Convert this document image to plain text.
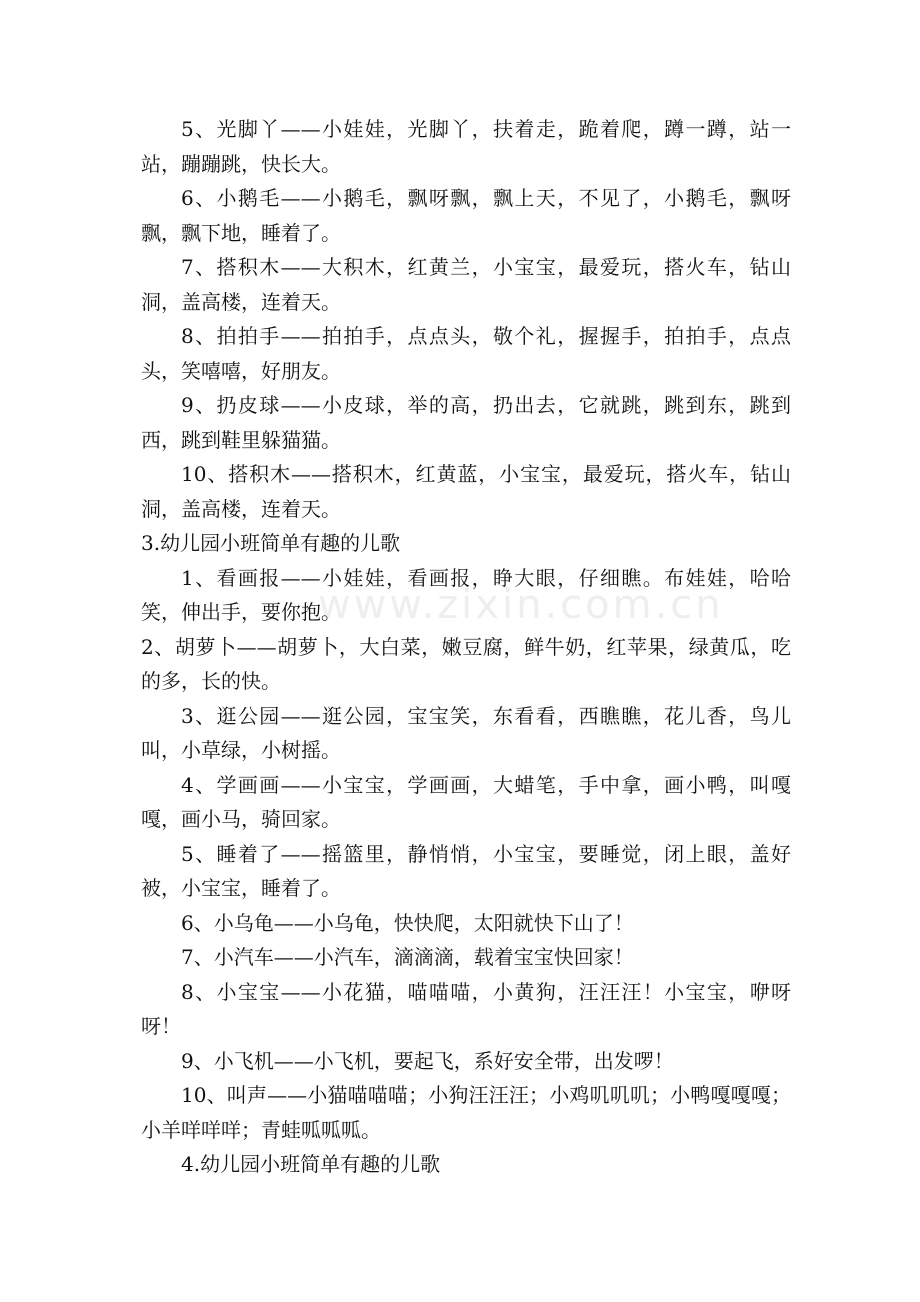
5、光脚丫——小娃娃，光脚丫，扶着走，跪着爬，蹲一蹲，站一站，蹦蹦跳，快长大。

6、小鹅毛——小鹅毛，飘呀飘，飘上天，不见了，小鹅毛，飘呀飘，飘下地，睡着了。

7、搭积木——大积木，红黄兰，小宝宝，最爱玩，搭火车，钻山洞，盖高楼，连着天。

8、拍拍手——拍拍手，点点头，敬个礼，握握手，拍拍手，点点头，笑嘻嘻，好朋友。

9、扔皮球——小皮球，举的高，扔出去，它就跳，跳到东，跳到西，跳到鞋里躲猫猫。

10、搭积木——搭积木，红黄蓝，小宝宝，最爱玩，搭火车，钻山洞，盖高楼，连着天。

3.幼儿园小班简单有趣的儿歌

1、看画报——小娃娃，看画报，睁大眼，仔细瞧。布娃娃，哈哈笑，伸出手，要你抱。

2、胡萝卜——胡萝卜，大白菜，嫩豆腐，鲜牛奶，红苹果，绿黄瓜，吃的多，长的快。

3、逛公园——逛公园，宝宝笑，东看看，西瞧瞧，花儿香，鸟儿叫，小草绿，小树摇。

4、学画画——小宝宝，学画画，大蜡笔，手中拿，画小鸭，叫嘎嘎，画小马，骑回家。

5、睡着了——摇篮里，静悄悄，小宝宝，要睡觉，闭上眼，盖好被，小宝宝，睡着了。

6、小乌龟——小乌龟，快快爬，太阳就快下山了！

7、小汽车——小汽车，滴滴滴，载着宝宝快回家！

8、小宝宝——小花猫，喵喵喵，小黄狗，汪汪汪！小宝宝，咿呀呀！

9、小飞机——小飞机，要起飞，系好安全带，出发啰！

10、叫声——小猫喵喵喵；小狗汪汪汪；小鸡叽叽叽；小鸭嘎嘎嘎；小羊咩咩咩；青蛙呱呱呱。

4.幼儿园小班简单有趣的儿歌

www.zixin.com.cn
